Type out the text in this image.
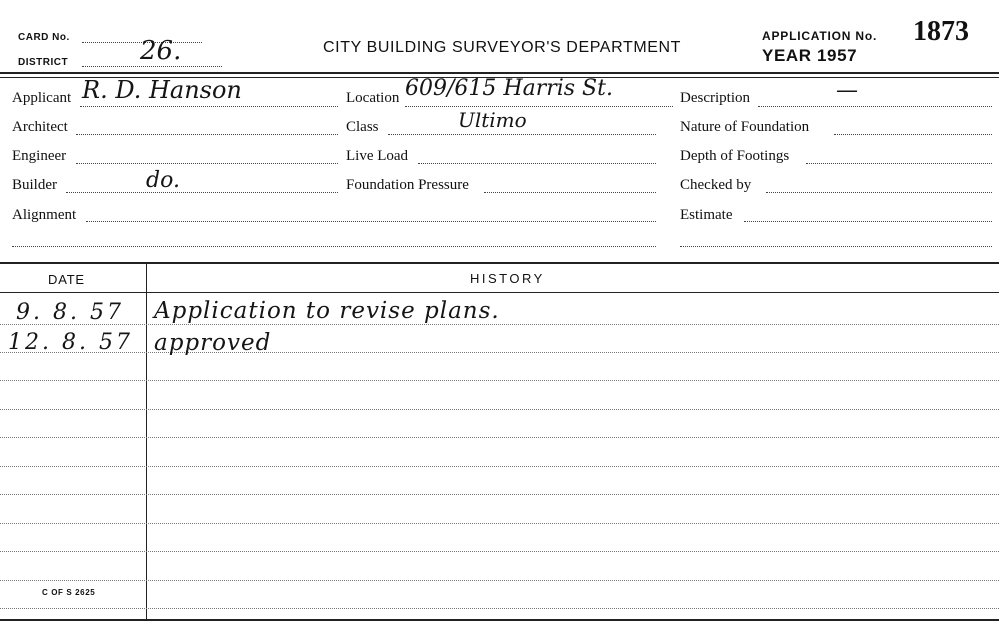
CARD No.
DISTRICT	26.	CITY BUILDING SURVEYOR'S DEPARTMENT
APPLICATION No. 1873
YEAR 1957
Applicant R. D. Hanson
Architect
Engineer
Builder	do.
Alignment
Location 609/615 Harris St.
Class	Ultimo
Live Load
Foundation Pressure
Description	—
Nature of Foundation
Depth of Footings
Checked by
Estimate
DATE	HISTORY
9. 8. 57 Application to revise plans.
12. 8. 57 approved
C OF S 2625
